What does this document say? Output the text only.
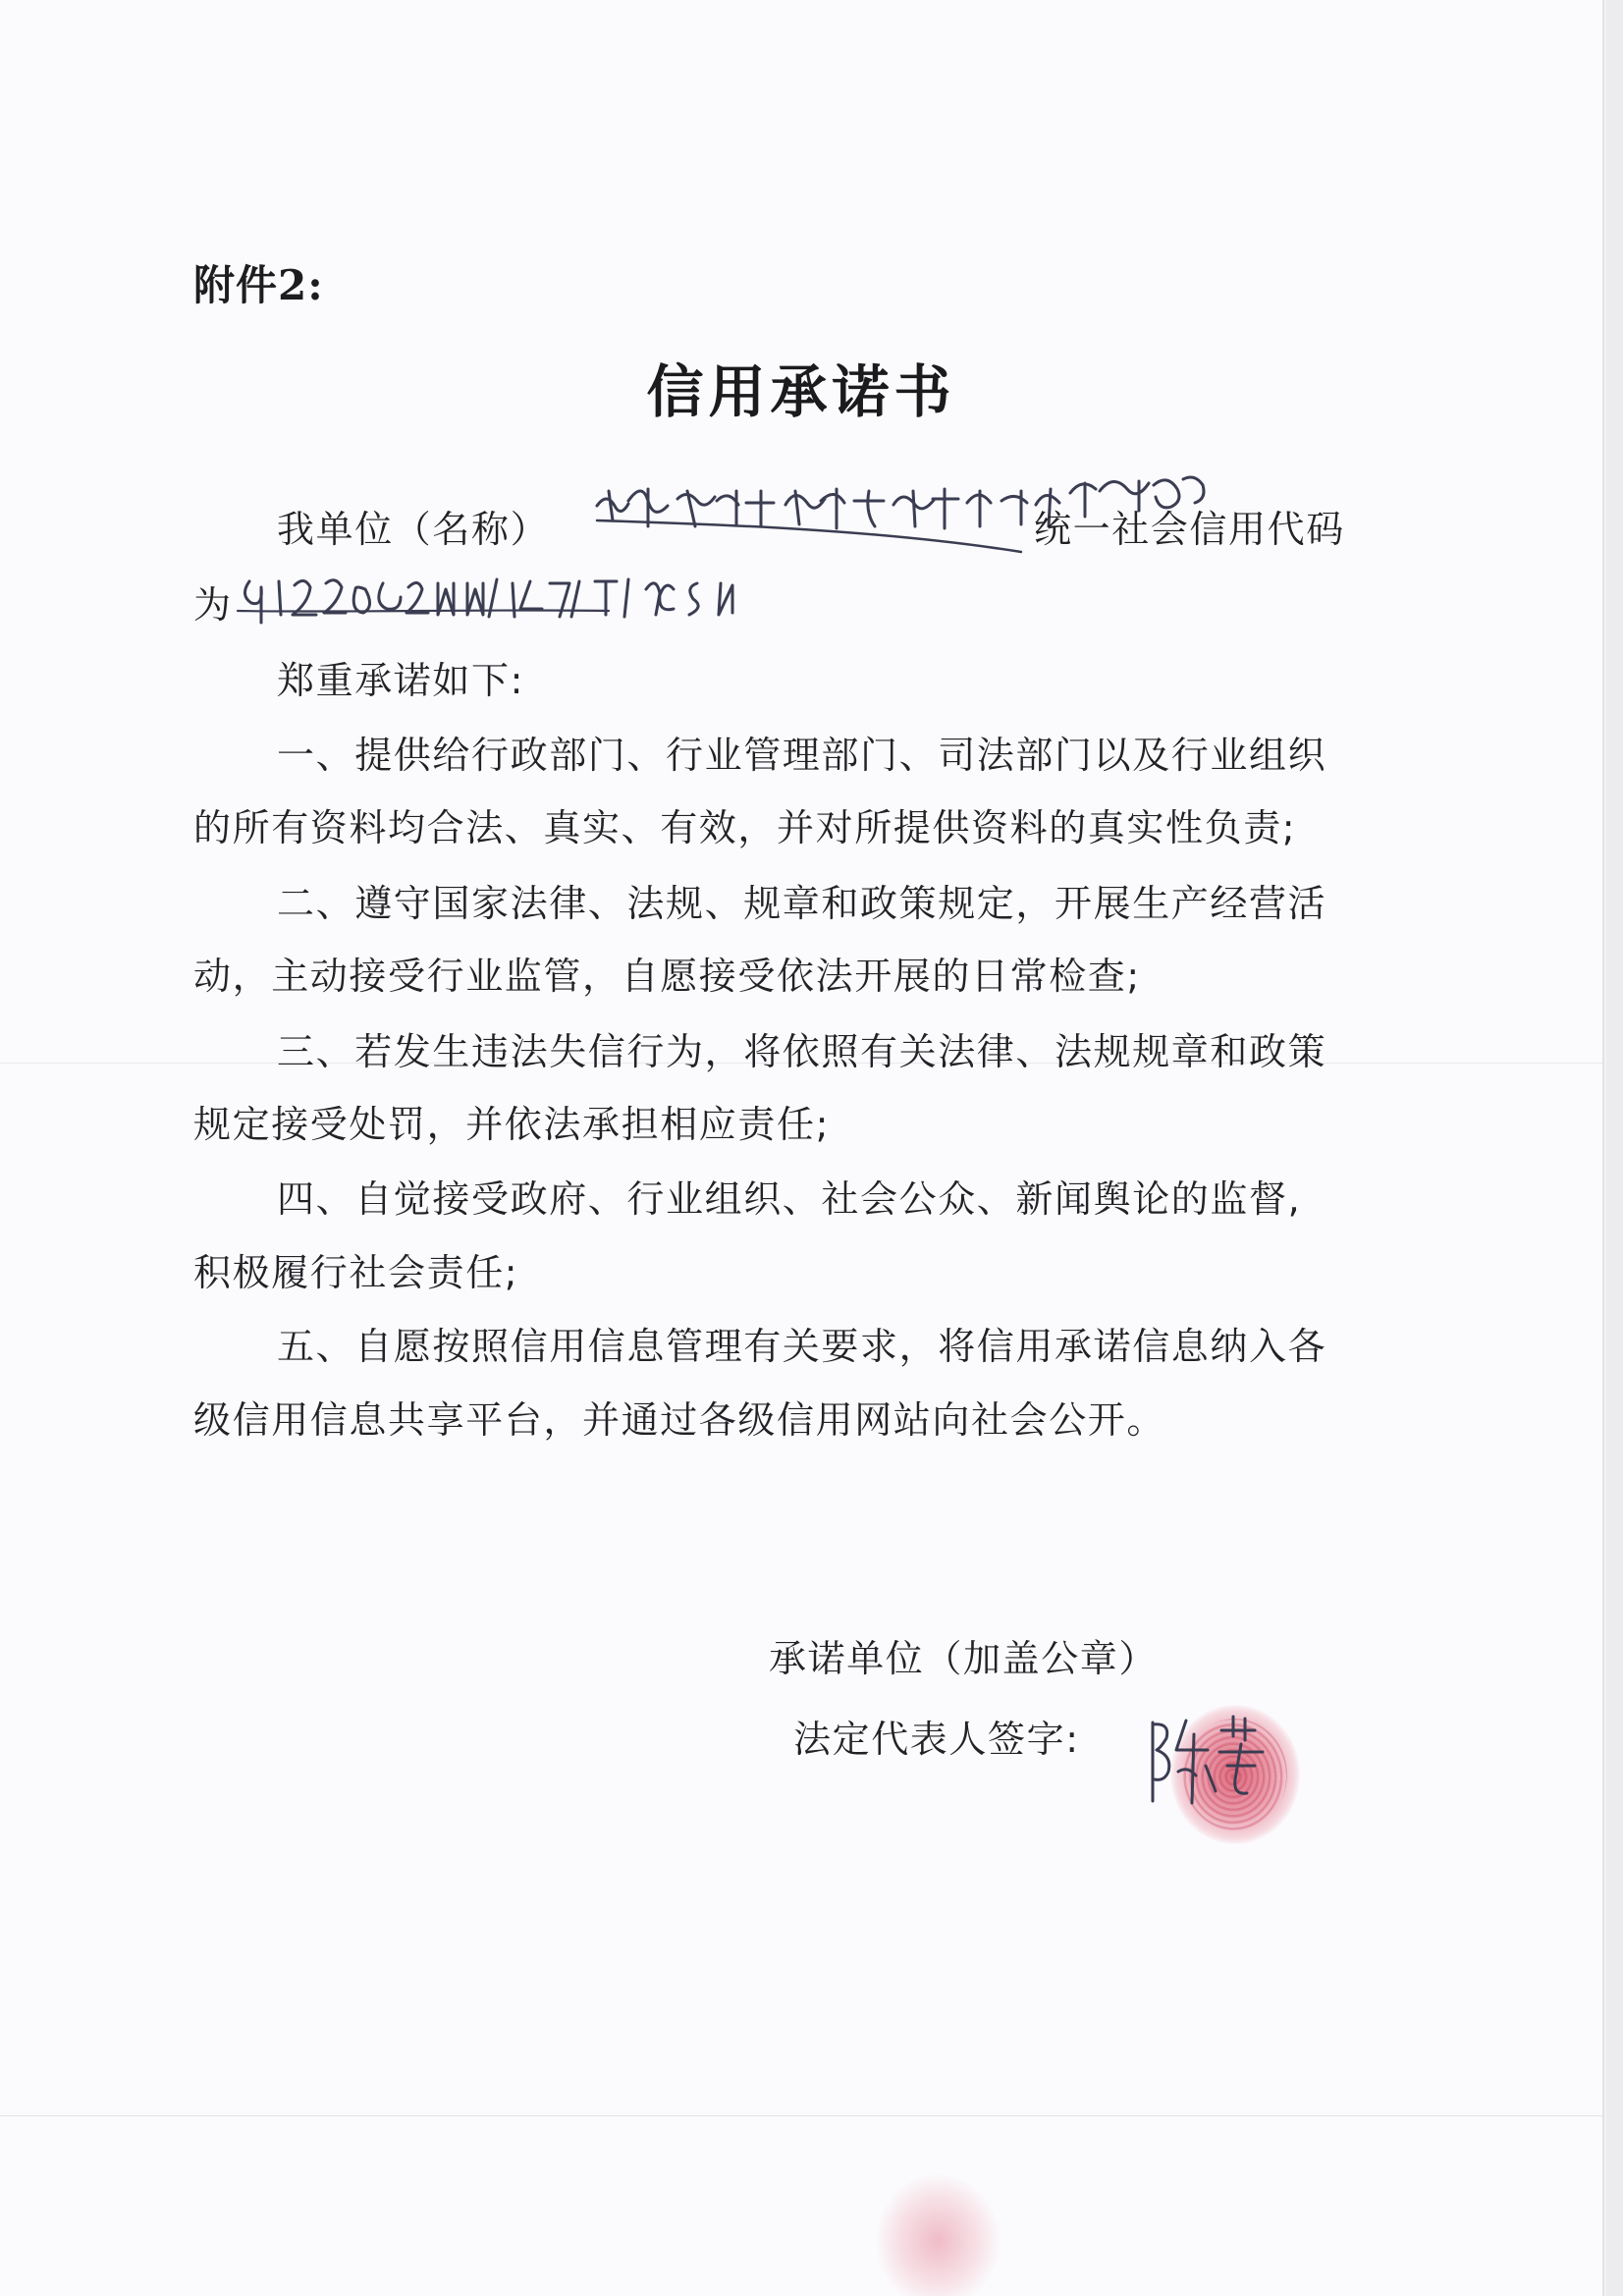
附件2:
信用承诺书
我单位（名称）	统一社会信用代码
为
郑重承诺如下:
一、提供给行政部门、行业管理部门、司法部门以及行业组织
的所有资料均合法、真实、有效，并对所提供资料的真实性负责;
二、遵守国家法律、法规、规章和政策规定，开展生产经营活
动，主动接受行业监管，自愿接受依法开展的日常检查;
三、若发生违法失信行为，将依照有关法律、法规规章和政策
规定接受处罚，并依法承担相应责任;
四、自觉接受政府、行业组织、社会公众、新闻舆论的监督,
积极履行社会责任;
五、自愿按照信用信息管理有关要求，将信用承诺信息纳入各
级信用信息共享平台，并通过各级信用网站向社会公开。
承诺单位（加盖公章）
法定代表人签字:
